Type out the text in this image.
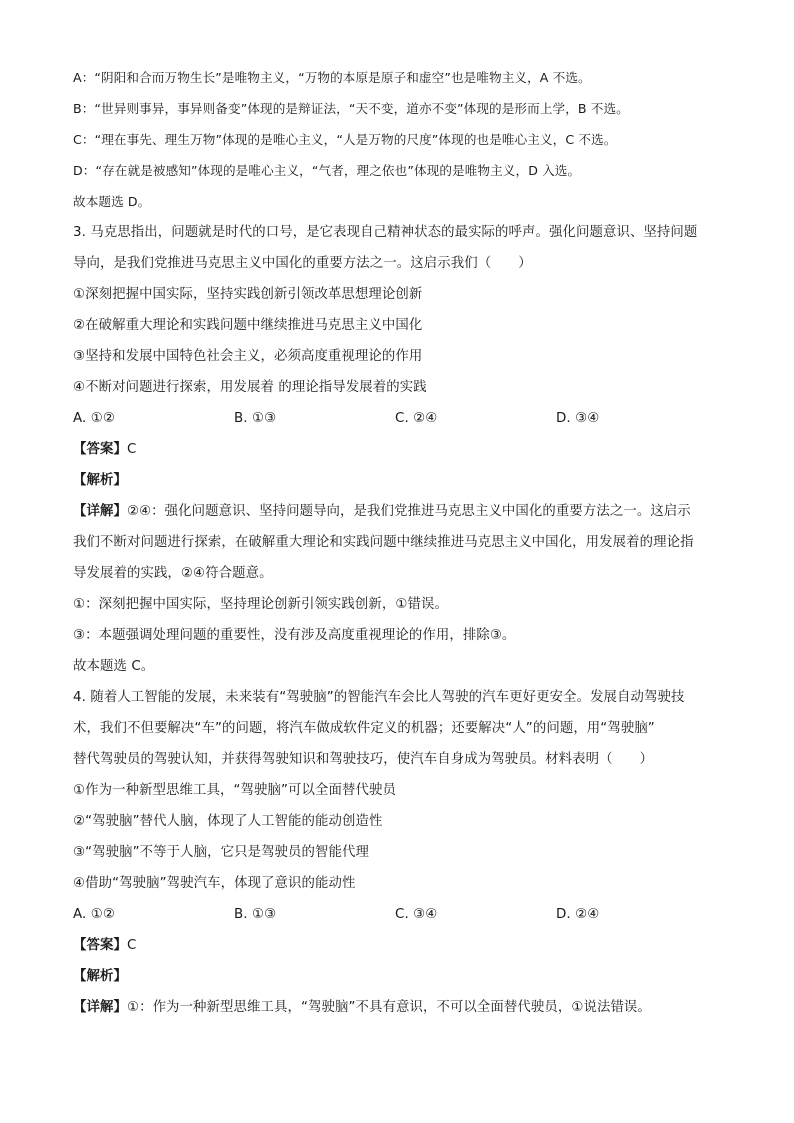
A：“阴阳和合而万物生长”是唯物主义，“万物的本原是原子和虚空”也是唯物主义，A 不选。
B：“世异则事异，事异则备变”体现的是辩证法，“天不变，道亦不变”体现的是形而上学，B 不选。
C：“理在事先、理生万物”体现的是唯心主义，“人是万物的尺度”体现的也是唯心主义，C 不选。
D：“存在就是被感知”体现的是唯心主义，“气者，理之依也”体现的是唯物主义，D 入选。
故本题选 D。
3. 马克思指出，问题就是时代的口号，是它表现自己精神状态的最实际的呼声。强化问题意识、坚持问题
导向，是我们党推进马克思主义中国化的重要方法之一。这启示我们（　　）
①深刻把握中国实际，坚持实践创新引领改革思想理论创新
②在破解重大理论和实践问题中继续推进马克思主义中国化
③坚持和发展中国特色社会主义，必须高度重视理论的作用
④不断对问题进行探索，用发展着 的理论指导发展着的实践
A. ①②	B. ①③	C. ②④	D. ③④
【答案】C
【解析】
【详解】②④：强化问题意识、坚持问题导向，是我们党推进马克思主义中国化的重要方法之一。这启示
我们不断对问题进行探索，在破解重大理论和实践问题中继续推进马克思主义中国化，用发展着的理论指
导发展着的实践，②④符合题意。
①：深刻把握中国实际，坚持理论创新引领实践创新，①错误。
③：本题强调处理问题的重要性，没有涉及高度重视理论的作用，排除③。
故本题选 C。
4. 随着人工智能的发展，未来装有“驾驶脑”的智能汽车会比人驾驶的汽车更好更安全。发展自动驾驶技
术，我们不但要解决“车”的问题，将汽车做成软件定义的机器；还要解决“人”的问题，用“驾驶脑”
替代驾驶员的驾驶认知，并获得驾驶知识和驾驶技巧，使汽车自身成为驾驶员。材料表明（　　）
①作为一种新型思维工具，“驾驶脑”可以全面替代驶员
②“驾驶脑”替代人脑，体现了人工智能的能动创造性
③“驾驶脑”不等于人脑，它只是驾驶员的智能代理
④借助“驾驶脑”驾驶汽车，体现了意识的能动性
A. ①②	B. ①③	C. ③④	D. ②④
【答案】C
【解析】
【详解】①：作为一种新型思维工具，“驾驶脑”不具有意识，不可以全面替代驶员，①说法错误。
